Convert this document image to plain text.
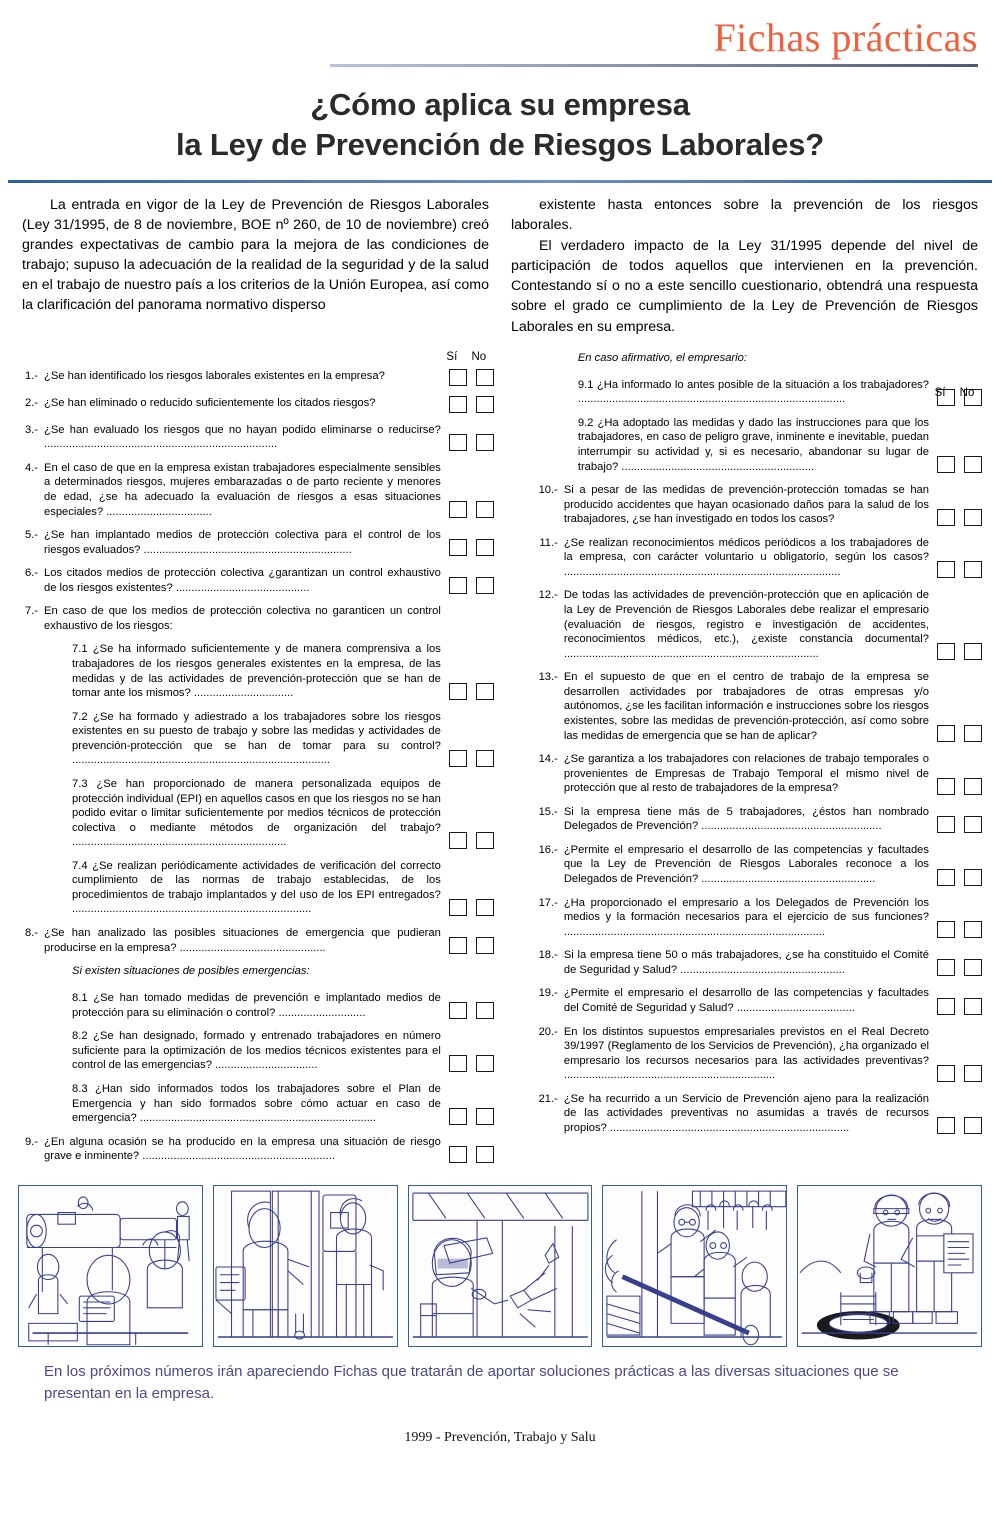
Fichas prácticas
¿Cómo aplica su empresa
la Ley de Prevención de Riesgos Laborales?

La entrada en vigor de la Ley de Prevención de Riesgos Laborales (Ley 31/1995, de 8 de noviembre, BOE nº 260, de 10 de noviembre) creó grandes expectativas de cambio para la mejora de las condiciones de trabajo; supuso la adecuación de la realidad de la seguridad y de la salud en el trabajo de nuestro país a los criterios de la Unión Europea, así como la clarificación del panorama normativo disperso

existente hasta entonces sobre la prevención de los riesgos laborales.

El verdadero impacto de la Ley 31/1995 depende del nivel de participación de todos aquellos que intervienen en la prevención. Contestando sí o no a este sencillo cuestionario, obtendrá una respuesta sobre el grado ce cumplimiento de la Ley de Prevención de Riesgos Laborales en su empresa.

Sí	No
1.- ¿Se han identificado los riesgos laborales existentes en la empresa?
2.- ¿Se han eliminado o reducido suficientemente los citados riesgos?
3.- ¿Se han evaluado los riesgos que no hayan podido eliminarse o reducirse? ...........................................................................
4.- En el caso de que en la empresa existan trabajadores especialmente sensibles a determinados riesgos, mujeres embarazadas o de parto reciente y menores de edad, ¿se ha adecuado la evaluación de riesgos a esas situaciones especiales? ..................................
5.- ¿Se han implantado medios de protección colectiva para el control de los riesgos evaluados? ...................................................................
6.- Los citados medios de protección colectiva ¿garantizan un control exhaustivo de los riesgos existentes? ...........................................
7.- En caso de que los medios de protección colectiva no garanticen un control exhaustivo de los riesgos:
7.1 ¿Se ha informado suficientemente y de manera comprensiva a los trabajadores de los riesgos generales existentes en la empresa, de las medidas y de las actividades de prevención-protección que se han de tomar ante los mismos? ................................
7.2 ¿Se ha formado y adiestrado a los trabajadores sobre los riesgos existentes en su puesto de trabajo y sobre las medidas y actividades de prevención-protección que se han de tomar para su control? ...................................................................................
7.3 ¿Se han proporcionado de manera personalizada equipos de protección individual (EPI) en aquellos casos en que los riesgos no se han podido evitar o limitar suficientemente por medios técnicos de protección colectiva o mediante métodos de organización del trabajo? .....................................................................
7.4 ¿Se realizan periódicamente actividades de verificación del correcto cumplimiento de las normas de trabajo establecidas, de los procedimientos de trabajo implantados y del uso de los EPI entregados? .............................................................................
8.- ¿Se han analizado las posibles situaciones de emergencia que pudieran producirse en la empresa? ...............................................
Si existen situaciones de posibles emergencias:
8.1 ¿Se han tomado medidas de prevención e implantado medios de protección para su eliminación o control? ............................
8.2 ¿Se han designado, formado y entrenado trabajadores en número suficiente para la optimización de los medios técnicos existentes para el control de las emergencias? .................................
8.3 ¿Han sido informados todos los trabajadores sobre el Plan de Emergencia y han sido formados sobre cómo actuar en caso de emergencia? ............................................................................
9.- ¿En alguna ocasión se ha producido en la empresa una situación de riesgo grave e inminente? ..............................................................
Sí	No
En caso afirmativo, el empresario:
9.1 ¿Ha informado lo antes posible de la situación a los trabajadores? ......................................................................................
9.2 ¿Ha adoptado las medidas y dado las instrucciones para que los trabajadores, en caso de peligro grave, inminente e inevitable, puedan interrumpir su actividad y, si es necesario, abandonar su lugar de trabajo? ..............................................................
10.- Si a pesar de las medidas de prevención-protección tomadas se han producido accidentes que hayan ocasionado daños para la salud de los trabajadores, ¿se han investigado en todos los casos?
11.- ¿Se realizan reconocimientos médicos periódicos a los trabajadores de la empresa, con carácter voluntario u obligatorio, según los casos? .........................................................................................
12.- De todas las actividades de prevención-protección que en aplicación de la Ley de Prevención de Riesgos Laborales debe realizar el empresario (evaluación de riesgos, registro e investigación de accidentes, reconocimientos médicos, etc.), ¿existe constancia documental? ..................................................................................
13.- En el supuesto de que en el centro de trabajo de la empresa se desarrollen actividades por trabajadores de otras empresas y/o autónomos, ¿se les facilitan información e instrucciones sobre los riesgos existentes, sobre las medidas de prevención-protección, así como sobre las medidas de emergencia que se han de aplicar?
14.- ¿Se garantiza a los trabajadores con relaciones de trabajo temporales o provenientes de Empresas de Trabajo Temporal el mismo nivel de protección que al resto de trabajadores de la empresa?
15.- Si la empresa tiene más de 5 trabajadores, ¿éstos han nombrado Delegados de Prevención? ..........................................................
16.- ¿Permite el empresario el desarrollo de las competencias y facultades que la Ley de Prevención de Riesgos Laborales reconoce a los Delegados de Prevención? ........................................................
17.- ¿Ha proporcionado el empresario a los Delegados de Prevención los medios y la formación necesarios para el ejercicio de sus funciones? ....................................................................................
18.- Si la empresa tiene 50 o más trabajadores, ¿se ha constituido el Comité de Seguridad y Salud? .....................................................
19.- ¿Permite el empresario el desarrollo de las competencias y facultades del Comité de Seguridad y Salud? ......................................
20.- En los distintos supuestos empresariales previstos en el Real Decreto 39/1997 (Reglamento de los Servicios de Prevención), ¿ha organizado el empresario los recursos necesarios para las actividades preventivas? ....................................................................
21.- ¿Se ha recurrido a un Servicio de Prevención ajeno para la realización de las actividades preventivas no asumidas a través de recursos propios? .............................................................................
En los próximos números irán apareciendo Fichas que tratarán de aportar soluciones prácticas a las diversas situaciones que se presentan en la empresa.
1999 - Prevención, Trabajo y Salu
